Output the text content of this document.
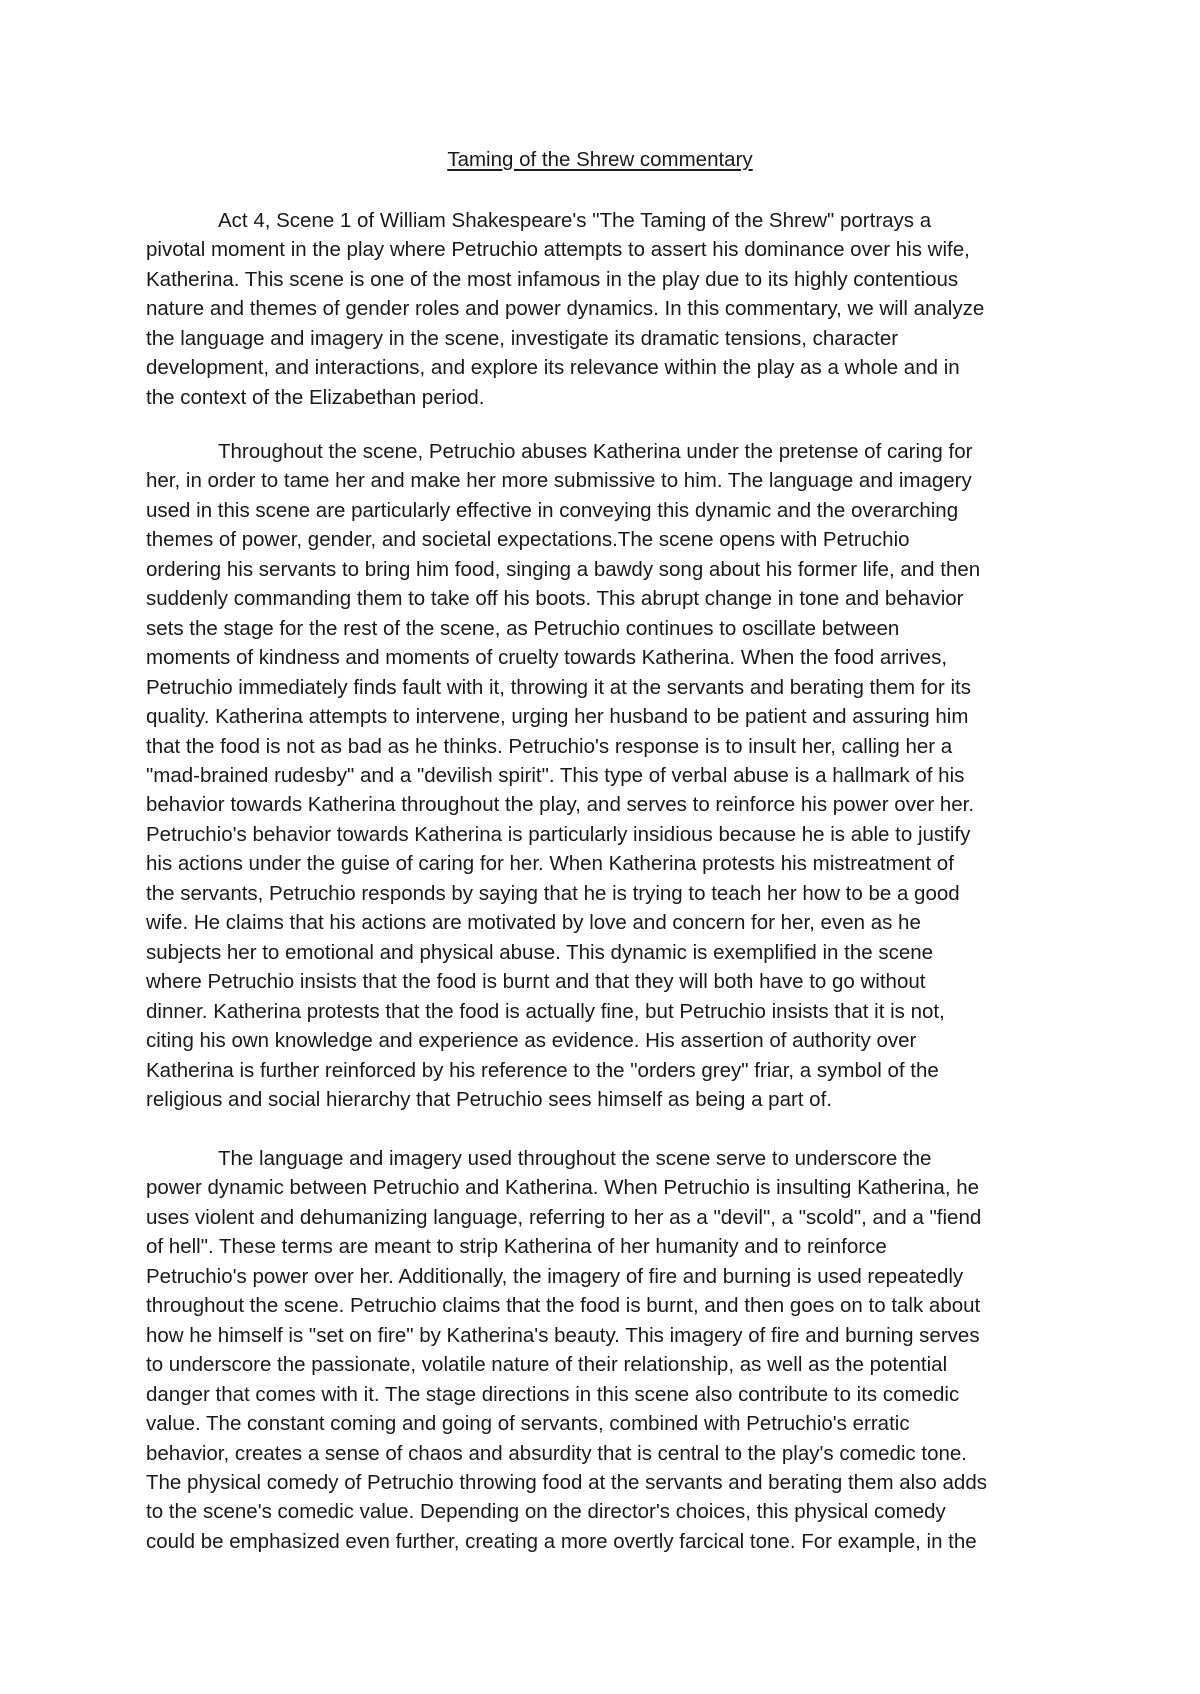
Taming of the Shrew commentary

Act 4, Scene 1 of William Shakespeare's "The Taming of the Shrew" portrays a
pivotal moment in the play where Petruchio attempts to assert his dominance over his wife,
Katherina. This scene is one of the most infamous in the play due to its highly contentious
nature and themes of gender roles and power dynamics. In this commentary, we will analyze
the language and imagery in the scene, investigate its dramatic tensions, character
development, and interactions, and explore its relevance within the play as a whole and in
the context of the Elizabethan period.

Throughout the scene, Petruchio abuses Katherina under the pretense of caring for
her, in order to tame her and make her more submissive to him. The language and imagery
used in this scene are particularly effective in conveying this dynamic and the overarching
themes of power, gender, and societal expectations.The scene opens with Petruchio
ordering his servants to bring him food, singing a bawdy song about his former life, and then
suddenly commanding them to take off his boots. This abrupt change in tone and behavior
sets the stage for the rest of the scene, as Petruchio continues to oscillate between
moments of kindness and moments of cruelty towards Katherina. When the food arrives,
Petruchio immediately finds fault with it, throwing it at the servants and berating them for its
quality. Katherina attempts to intervene, urging her husband to be patient and assuring him
that the food is not as bad as he thinks. Petruchio's response is to insult her, calling her a
"mad-brained rudesby" and a "devilish spirit". This type of verbal abuse is a hallmark of his
behavior towards Katherina throughout the play, and serves to reinforce his power over her.
Petruchio's behavior towards Katherina is particularly insidious because he is able to justify
his actions under the guise of caring for her. When Katherina protests his mistreatment of
the servants, Petruchio responds by saying that he is trying to teach her how to be a good
wife. He claims that his actions are motivated by love and concern for her, even as he
subjects her to emotional and physical abuse. This dynamic is exemplified in the scene
where Petruchio insists that the food is burnt and that they will both have to go without
dinner. Katherina protests that the food is actually fine, but Petruchio insists that it is not,
citing his own knowledge and experience as evidence. His assertion of authority over
Katherina is further reinforced by his reference to the "orders grey" friar, a symbol of the
religious and social hierarchy that Petruchio sees himself as being a part of.

The language and imagery used throughout the scene serve to underscore the
power dynamic between Petruchio and Katherina. When Petruchio is insulting Katherina, he
uses violent and dehumanizing language, referring to her as a "devil", a "scold", and a "fiend
of hell". These terms are meant to strip Katherina of her humanity and to reinforce
Petruchio's power over her. Additionally, the imagery of fire and burning is used repeatedly
throughout the scene. Petruchio claims that the food is burnt, and then goes on to talk about
how he himself is "set on fire" by Katherina's beauty. This imagery of fire and burning serves
to underscore the passionate, volatile nature of their relationship, as well as the potential
danger that comes with it. The stage directions in this scene also contribute to its comedic
value. The constant coming and going of servants, combined with Petruchio's erratic
behavior, creates a sense of chaos and absurdity that is central to the play's comedic tone.
The physical comedy of Petruchio throwing food at the servants and berating them also adds
to the scene's comedic value. Depending on the director's choices, this physical comedy
could be emphasized even further, creating a more overtly farcical tone. For example, in the
